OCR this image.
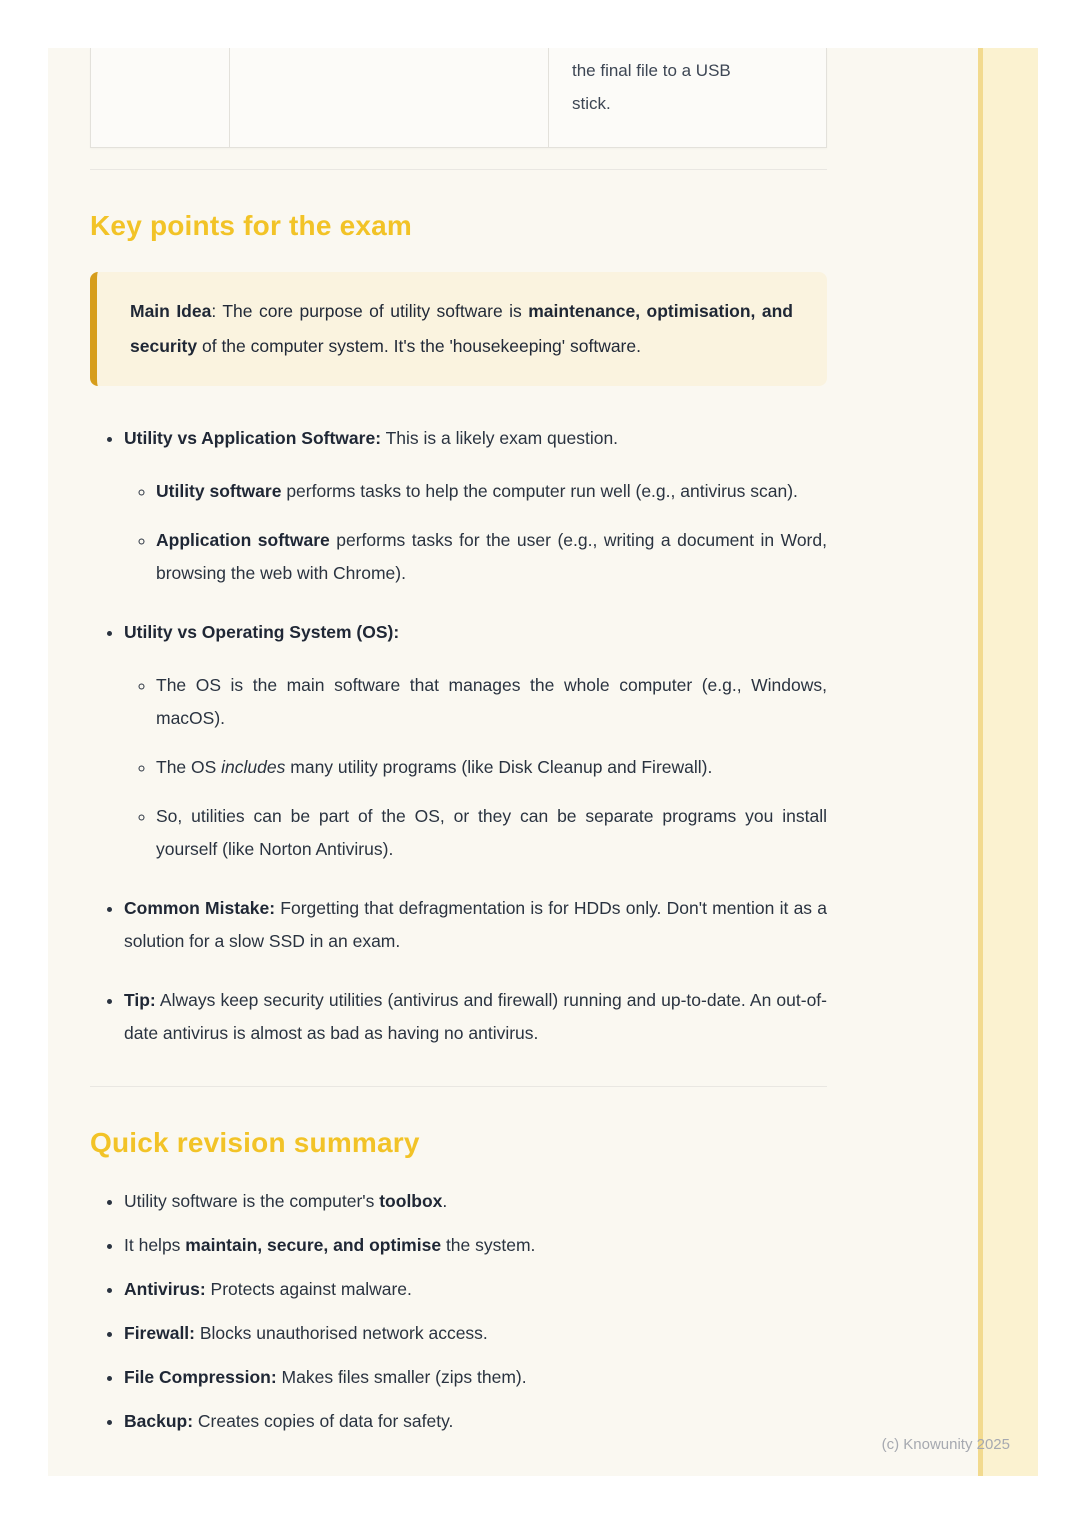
the final file to a USB stick.

Key points for the exam

Main Idea: The core purpose of utility software is maintenance, optimisation, and security of the computer system. It's the 'housekeeping' software.

• Utility vs Application Software: This is a likely exam question.
◦ Utility software performs tasks to help the computer run well (e.g., antivirus scan).
◦ Application software performs tasks for the user (e.g., writing a document in Word, browsing the web with Chrome).
• Utility vs Operating System (OS):
◦ The OS is the main software that manages the whole computer (e.g., Windows, macOS).
◦ The OS includes many utility programs (like Disk Cleanup and Firewall).
◦ So, utilities can be part of the OS, or they can be separate programs you install yourself (like Norton Antivirus).
• Common Mistake: Forgetting that defragmentation is for HDDs only. Don't mention it as a solution for a slow SSD in an exam.
• Tip: Always keep security utilities (antivirus and firewall) running and up-to-date. An out-of-date antivirus is almost as bad as having no antivirus.
Quick revision summary
• Utility software is the computer's toolbox.
• It helps maintain, secure, and optimise the system.
• Antivirus: Protects against malware.
• Firewall: Blocks unauthorised network access.
• File Compression: Makes files smaller (zips them).
• Backup: Creates copies of data for safety.
(c) Knowunity 2025
